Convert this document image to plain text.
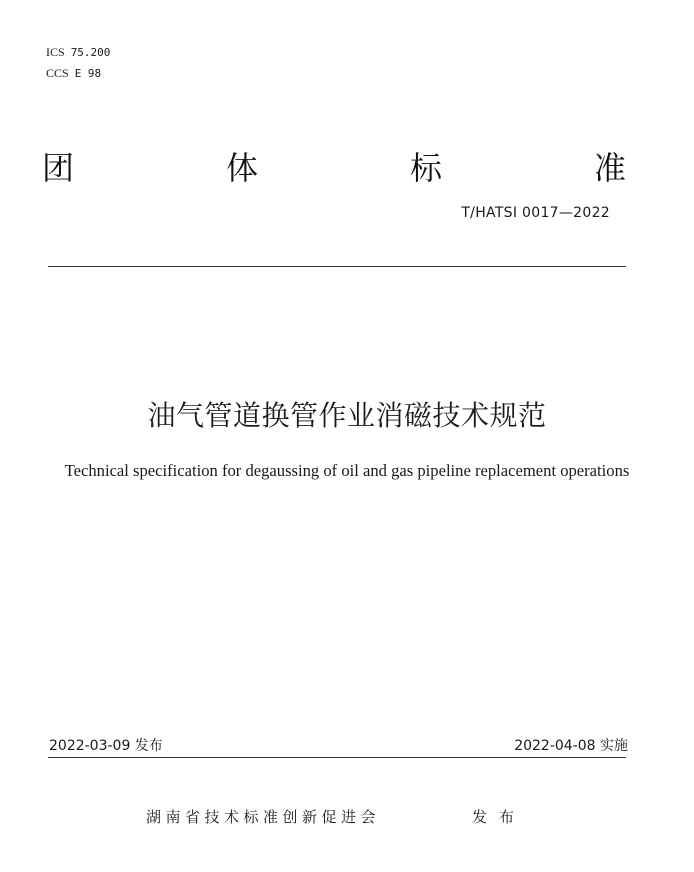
ICS 75.200
CCS E 98
团	体	标	准
T/HATSI 0017—2022
油气管道换管作业消磁技术规范
Technical specification for degaussing of oil and gas pipeline replacement operations
2022-03-09 发布	2022-04-08 实施
湖南省技术标准创新促进会	发布
